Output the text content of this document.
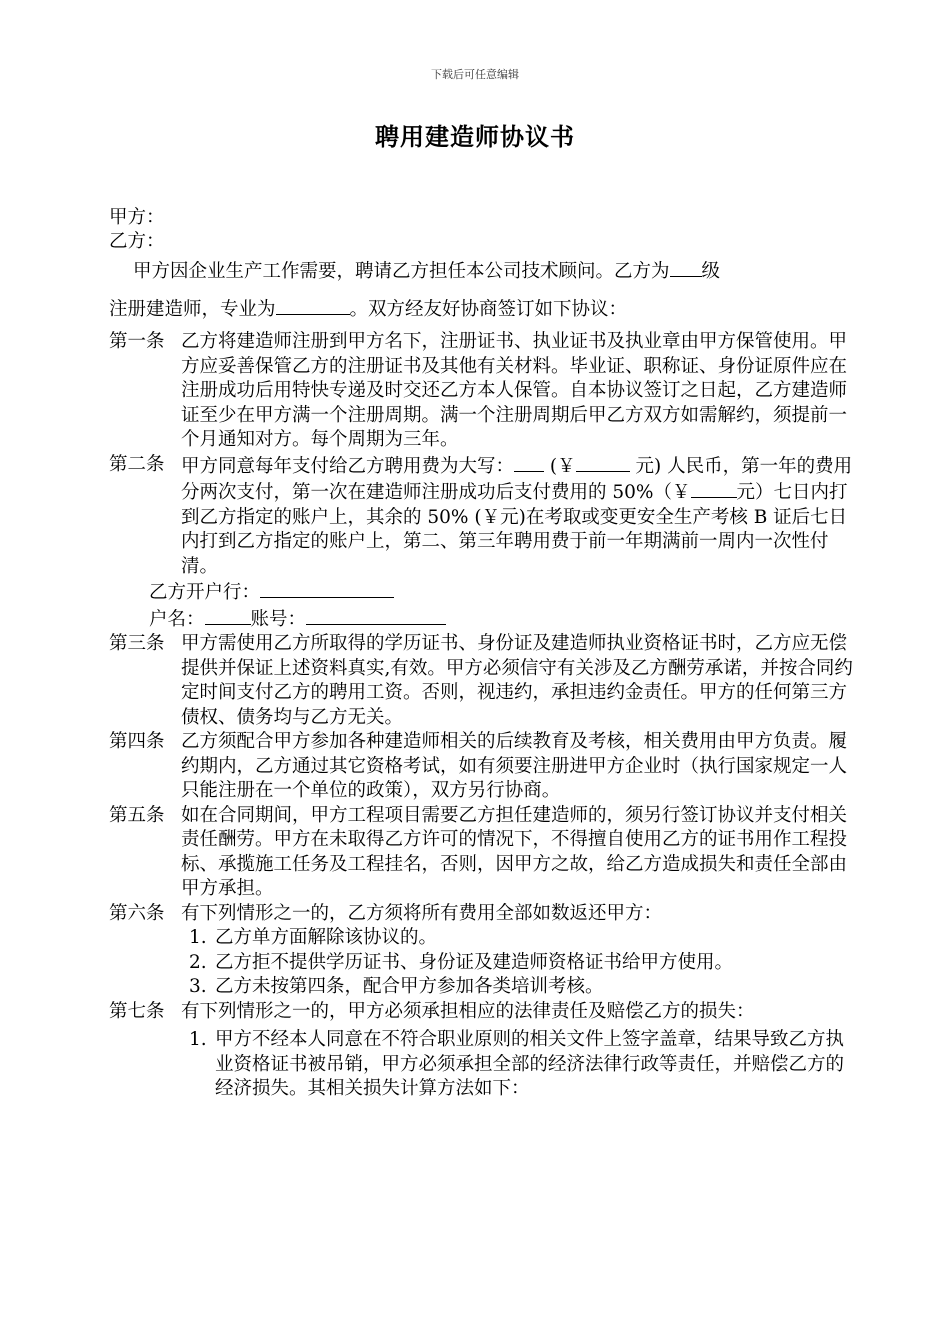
下载后可任意编辑
聘用建造师协议书
甲方：
乙方：
甲方因企业生产工作需要，聘请乙方担任本公司技术顾问。乙方为 级
注册建造师，专业为	。双方经友好协商签订如下协议：
第一条 乙方将建造师注册到甲方名下，注册证书、执业证书及执业章由甲方保管使用。甲方应妥善保管乙方的注册证书及其他有关材料。毕业证、职称证、身份证原件应在注册成功后用特快专递及时交还乙方本人保管。自本协议签订之日起，乙方建造师证至少在甲方满一个注册周期。满一个注册周期后甲乙方双方如需解约，须提前一个月通知对方。每个周期为三年。
第二条 甲方同意每年支付给乙方聘用费为大写： (￥	元) 人民币，第一年的费用分两次支付，第一次在建造师注册成功后支付费用的 50%（￥ 元）七日内打到乙方指定的账户上，其余的 50% (￥元)在考取或变更安全生产考核 B 证后七日内打到乙方指定的账户上，第二、第三年聘用费于前一年期满前一周内一次性付清。
乙方开户行：
户名： 账号：
第三条 甲方需使用乙方所取得的学历证书、身份证及建造师执业资格证书时，乙方应无偿提供并保证上述资料真实,有效。甲方必须信守有关涉及乙方酬劳承诺，并按合同约定时间支付乙方的聘用工资。否则，视违约，承担违约金责任。甲方的任何第三方债权、债务均与乙方无关。
第四条 乙方须配合甲方参加各种建造师相关的后续教育及考核，相关费用由甲方负责。履约期内，乙方通过其它资格考试，如有须要注册进甲方企业时（执行国家规定一人只能注册在一个单位的政策），双方另行协商。
第五条 如在合同期间，甲方工程项目需要乙方担任建造师的，须另行签订协议并支付相关责任酬劳。甲方在未取得乙方许可的情况下，不得擅自使用乙方的证书用作工程投标、承揽施工任务及工程挂名，否则，因甲方之故，给乙方造成损失和责任全部由甲方承担。
第六条 有下列情形之一的，乙方须将所有费用全部如数返还甲方：
1. 乙方单方面解除该协议的。
2. 乙方拒不提供学历证书、身份证及建造师资格证书给甲方使用。
3. 乙方未按第四条，配合甲方参加各类培训考核。
第七条 有下列情形之一的，甲方必须承担相应的法律责任及赔偿乙方的损失：
1. 甲方不经本人同意在不符合职业原则的相关文件上签字盖章，结果导致乙方执业资格证书被吊销，甲方必须承担全部的经济法律行政等责任，并赔偿乙方的经济损失。其相关损失计算方法如下：
